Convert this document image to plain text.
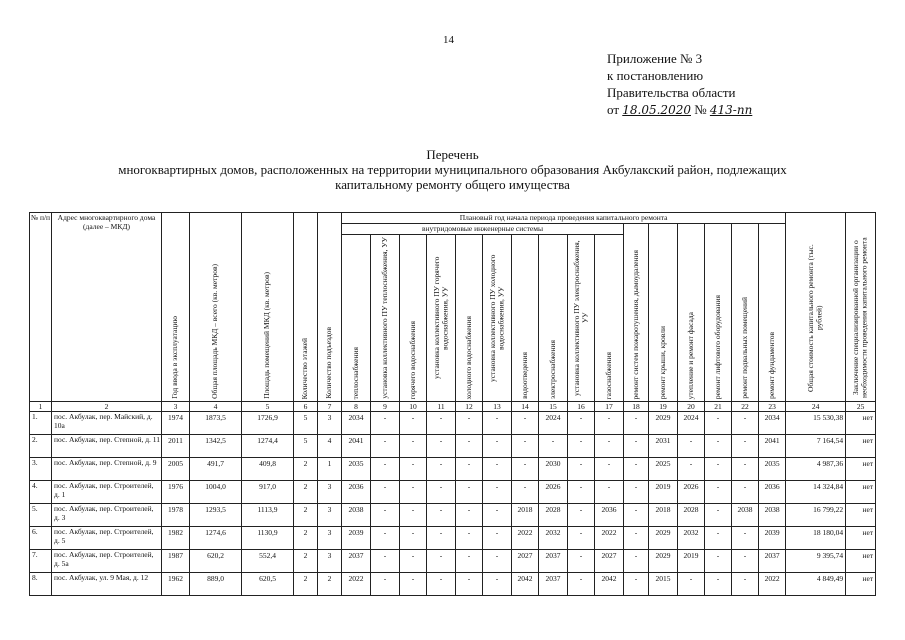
14
Приложение № 3
к постановлению
Правительства области
от 18.05.2020 № 413-пп
Перечень
многоквартирных домов, расположенных на территории муниципального образования Акбулакский район, подлежащих
капитальному ремонту общего имущества
№ п/п	Адрес многоквартирного дома (далее – МКД)	Год ввода в эксплуатацию	Общая площадь МКД – всего (кв. метров)	Площадь помещений МКД (кв. метров)	Количество этажей	Количество подъездов	Плановый год начала периода проведения капитального ремонта																Общая стоимость капитального ремонта (тыс. рублей)	Заключение специализированной организации о необходимости проведения капитального ремонта
							внутридомовые инженерные системы										ремонт систем пожаротушения, дымоудаления	ремонт крыши, кровли	утепление и ремонт фасада	ремонт лифтового оборудования	ремонт подвальных помещений	ремонт фундаментов		
							теплоснабжения	установка коллективного ПУ теплоснабжения, УУ	горячего водоснабжения	установка коллективного ПУ горячего водоснабжения, УУ	холодного водоснабжения	установка коллективного ПУ холодного водоснабжения, УУ	водоотведения	электроснабжения	установка коллективного ПУ электроснабжения, УУ	газоснабжения								
1	2	3	4	5	6	7	8	9	10	11	12	13	14	15	16	17	18	19	20	21	22	23	24	25
1.	пос. Акбулак, пер. Майский, д. 10а	1974	1873,5	1726,9	5	3	2034	-	-	-	-	-	-	2024	-	-	-	2029	2024	-	-	2034	15 530,38	нет
2.	пос. Акбулак, пер. Степной, д. 11	2011	1342,5	1274,4	5	4	2041	-	-	-	-	-	-	-	-	-	-	2031	-	-	-	2041	7 164,54	нет
3.	пос. Акбулак, пер. Степной, д. 9	2005	491,7	409,8	2	1	2035	-	-	-	-	-	-	2030	-	-	-	2025	-	-	-	2035	4 987,36	нет
4.	пос. Акбулак, пер. Строителей, д. 1	1976	1004,0	917,0	2	3	2036	-	-	-	-	-	-	2026	-	-	-	2019	2026	-	-	2036	14 324,84	нет
5.	пос. Акбулак, пер. Строителей, д. 3	1978	1293,5	1113,9	2	3	2038	-	-	-	-	-	2018	2028	-	2036	-	2018	2028	-	2038	2038	16 799,22	нет
6.	пос. Акбулак, пер. Строителей, д. 5	1982	1274,6	1130,9	2	3	2039	-	-	-	-	-	2022	2032	-	2022	-	2029	2032	-	-	2039	18 180,04	нет
7.	пос. Акбулак, пер. Строителей, д. 5а	1987	620,2	552,4	2	3	2037	-	-	-	-	-	2027	2037	-	2027	-	2029	2019	-	-	2037	9 395,74	нет
8.	пос. Акбулак, ул. 9 Мая, д. 12	1962	889,0	620,5	2	2	2022	-	-	-	-	-	2042	2037	-	2042	-	2015	-	-	-	2022	4 849,49	нет
